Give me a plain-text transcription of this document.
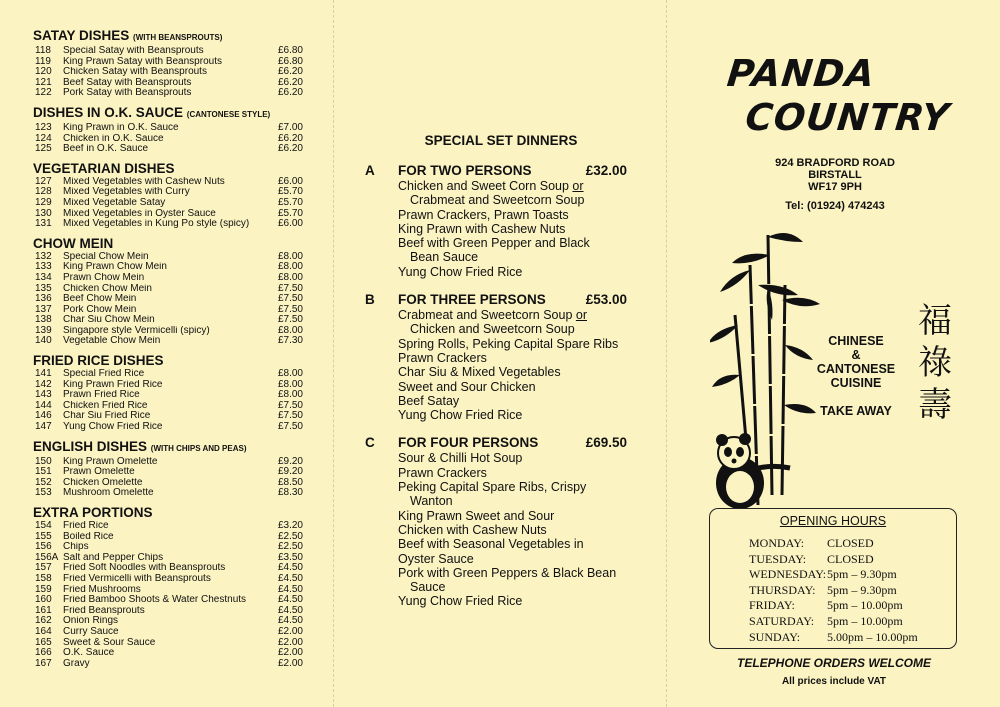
SATAY DISHES (WITH BEANSPROUTS)
118	Special Satay with Beansprouts	£6.80
119	King Prawn Satay with Beansprouts	£6.80
120	Chicken Satay with Beansprouts	£6.20
121	Beef Satay with Beansprouts	£6.20
122	Pork Satay with Beansprouts	£6.20
DISHES IN O.K. SAUCE (CANTONESE STYLE)
123	King Prawn in O.K. Sauce	£7.00
124	Chicken in O.K. Sauce	£6.20
125	Beef in O.K. Sauce	£6.20
VEGETARIAN DISHES
127	Mixed Vegetables with Cashew Nuts	£6.00
128	Mixed Vegetables with Curry	£5.70
129	Mixed Vegetable Satay	£5.70
130	Mixed Vegetables in Oyster Sauce	£5.70
131	Mixed Vegetables in Kung Po style (spicy)	£6.00
CHOW MEIN
132	Special Chow Mein	£8.00
133	King Prawn Chow Mein	£8.00
134	Prawn Chow Mein	£8.00
135	Chicken Chow Mein	£7.50
136	Beef Chow Mein	£7.50
137	Pork Chow Mein	£7.50
138	Char Siu Chow Mein	£7.50
139	Singapore style Vermicelli (spicy)	£8.00
140	Vegetable Chow Mein	£7.30
FRIED RICE DISHES
141	Special Fried Rice	£8.00
142	King Prawn Fried Rice	£8.00
143	Prawn Fried Rice	£8.00
144	Chicken Fried Rice	£7.50
146	Char Siu Fried Rice	£7.50
147	Yung Chow Fried Rice	£7.50
ENGLISH DISHES (WITH CHIPS AND PEAS)
150	King Prawn Omelette	£9.20
151	Prawn Omelette	£9.20
152	Chicken Omelette	£8.50
153	Mushroom Omelette	£8.30
EXTRA PORTIONS
154	Fried Rice	£3.20
155	Boiled Rice	£2.50
156	Chips	£2.50
156A Salt and Pepper Chips	£3.50
157	Fried Soft Noodles with Beansprouts	£4.50
158	Fried Vermicelli with Beansprouts	£4.50
159	Fried Mushrooms	£4.50
160	Fried Bamboo Shoots & Water Chestnuts	£4.50
161	Fried Beansprouts	£4.50
162	Onion Rings	£4.50
164	Curry Sauce	£2.00
165	Sweet & Sour Sauce	£2.00
166	O.K. Sauce	£2.00
167	Gravy	£2.00
SPECIAL SET DINNERS
A	FOR TWO PERSONS	£32.00
Chicken and Sweet Corn Soup or
Crabmeat and Sweetcorn Soup
Prawn Crackers, Prawn Toasts
King Prawn with Cashew Nuts
Beef with Green Pepper and Black
Bean Sauce
Yung Chow Fried Rice
B	FOR THREE PERSONS	£53.00
Crabmeat and Sweetcorn Soup or
Chicken and Sweetcorn Soup
Spring Rolls, Peking Capital Spare Ribs
Prawn Crackers
Char Siu & Mixed Vegetables
Sweet and Sour Chicken
Beef Satay
Yung Chow Fried Rice
C	FOR FOUR PERSONS	£69.50
Sour & Chilli Hot Soup
Prawn Crackers
Peking Capital Spare Ribs, Crispy
Wanton
King Prawn Sweet and Sour
Chicken with Cashew Nuts
Beef with Seasonal Vegetables in
Oyster Sauce
Pork with Green Peppers & Black Bean
Sauce
Yung Chow Fried Rice
PANDA
COUNTRY
924 BRADFORD ROAD
BIRSTALL
WF17 9PH
Tel: (01924) 474243
CHINESE
&
CANTONESE
CUISINE
TAKE AWAY
福
祿
壽
OPENING HOURS
MONDAY:	CLOSED
TUESDAY:	CLOSED
WEDNESDAY: 5pm – 9.30pm
THURSDAY: 5pm – 9.30pm
FRIDAY:	5pm – 10.00pm
SATURDAY:	5pm – 10.00pm
SUNDAY:	5.00pm – 10.00pm
TELEPHONE ORDERS WELCOME
All prices include VAT
